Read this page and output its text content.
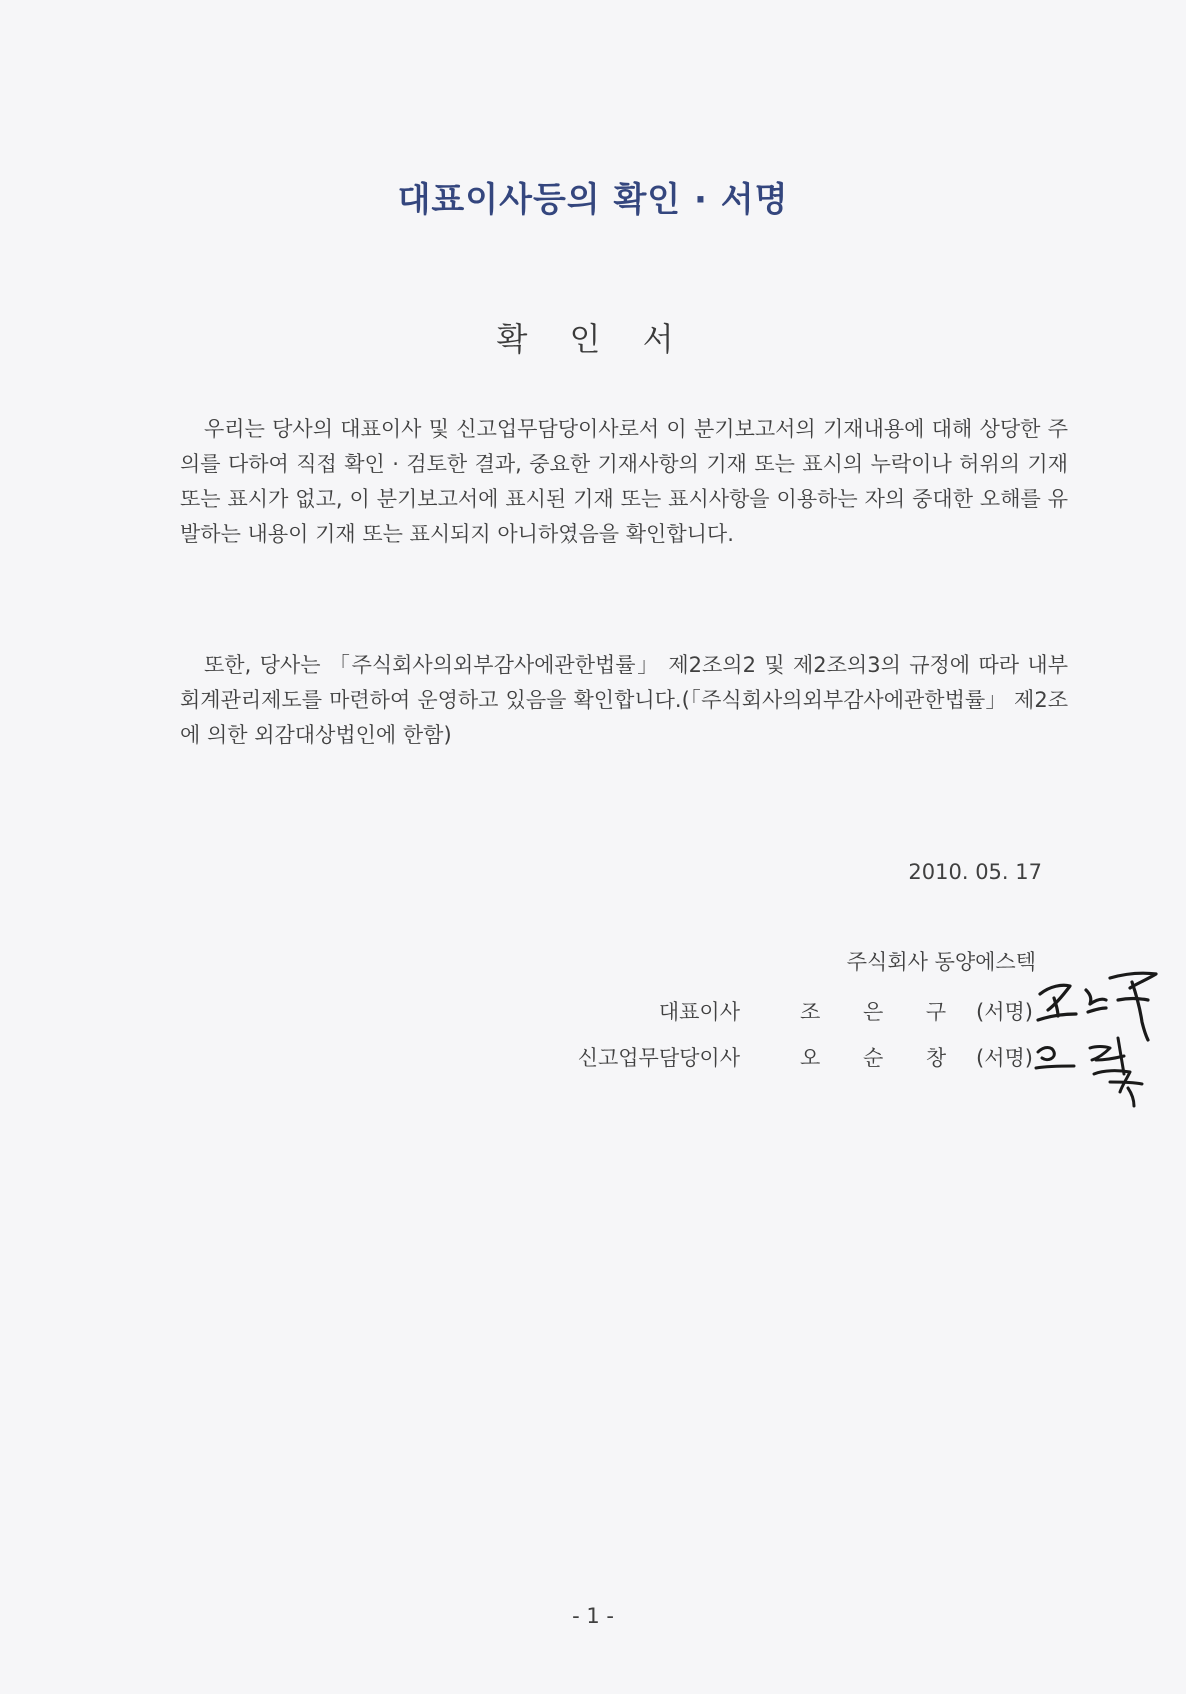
대표이사등의 확인 · 서명
확 인 서

우리는 당사의 대표이사 및 신고업무담당이사로서 이 분기보고서의 기재내용에 대해 상당한 주의를 다하여 직접 확인 · 검토한 결과, 중요한 기재사항의 기재 또는 표시의 누락이나 허위의 기재 또는 표시가 없고, 이 분기보고서에 표시된 기재 또는 표시사항을 이용하는 자의 중대한 오해를 유발하는 내용이 기재 또는 표시되지 아니하였음을 확인합니다.

또한, 당사는 「주식회사의외부감사에관한법률」 제2조의2 및 제2조의3의 규정에 따라 내부회계관리제도를 마련하여 운영하고 있음을 확인합니다.(「주식회사의외부감사에관한법률」 제2조에 의한 외감대상법인에 한함)

2010. 05. 17
주식회사 동양에스텍
대표이사	조 은 구 (서명)
신고업무담당이사	오 순 창 (서명)
- 1 -
